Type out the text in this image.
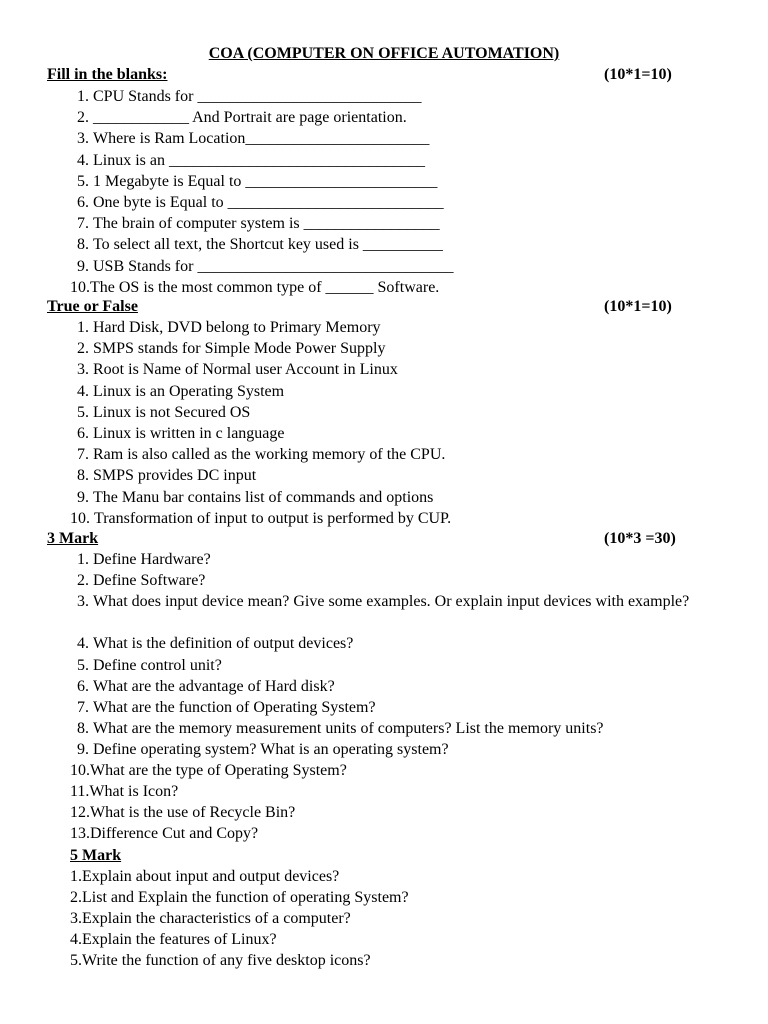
COA (COMPUTER ON OFFICE AUTOMATION)
Fill in the blanks:	(10*1=10)
1. CPU Stands for ____________________________
2. ____________ And Portrait are page orientation.
3. Where is Ram Location_______________________
4. Linux is an ________________________________
5. 1 Megabyte is Equal to ________________________
6. One byte is Equal to ___________________________
7. The brain of computer system is _________________
8. To select all text, the Shortcut key used is __________
9. USB Stands for ________________________________
10. The OS is the most common type of ______ Software.
True or False	(10*1=10)
1. Hard Disk, DVD belong to Primary Memory
2. SMPS stands for Simple Mode Power Supply
3. Root is Name of Normal user Account in Linux
4. Linux is an Operating System
5. Linux is not Secured OS
6. Linux is written in c language
7. Ram is also called as the working memory of the CPU.
8. SMPS provides DC input
9. The Manu bar contains list of commands and options
10. Transformation of input to output is performed by CUP.
3 Mark	(10*3 =30)
1. Define Hardware?
2. Define Software?
3. What does input device mean? Give some examples. Or explain input devices with example?
4. What is the definition of output devices?
5. Define control unit?
6. What are the advantage of Hard disk?
7. What are the function of Operating System?
8. What are the memory measurement units of computers? List the memory units?
9. Define operating system? What is an operating system?
10. What are the type of Operating System?
11. What is Icon?
12. What is the use of Recycle Bin?
13. Difference Cut and Copy?
5 Mark
1.Explain about input and output devices?
2.List and Explain the function of operating System?
3.Explain the characteristics of a computer?
4.Explain the features of Linux?
5.Write the function of any five desktop icons?
